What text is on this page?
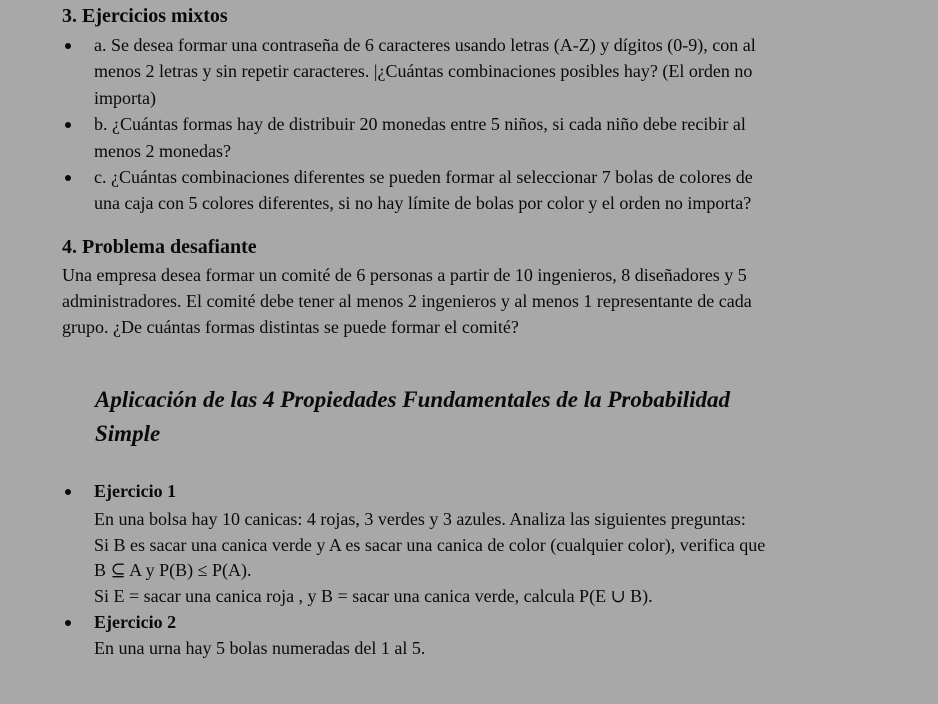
3. Ejercicios mixtos
a. Se desea formar una contraseña de 6 caracteres usando letras (A-Z) y dígitos (0-9), con al
menos 2 letras y sin repetir caracteres. |¿Cuántas combinaciones posibles hay? (El orden no
importa)
b. ¿Cuántas formas hay de distribuir 20 monedas entre 5 niños, si cada niño debe recibir al
menos 2 monedas?
c. ¿Cuántas combinaciones diferentes se pueden formar al seleccionar 7 bolas de colores de
una caja con 5 colores diferentes, si no hay límite de bolas por color y el orden no importa?
4. Problema desafiante
Una empresa desea formar un comité de 6 personas a partir de 10 ingenieros, 8 diseñadores y 5
administradores. El comité debe tener al menos 2 ingenieros y al menos 1 representante de cada
grupo. ¿De cuántas formas distintas se puede formar el comité?
Aplicación de las 4 Propiedades Fundamentales de la Probabilidad
Simple
Ejercicio 1
En una bolsa hay 10 canicas: 4 rojas, 3 verdes y 3 azules. Analiza las siguientes preguntas:
Si B es sacar una canica verde y A es sacar una canica de color (cualquier color), verifica que
B ⊆ A y P(B) ≤ P(A).
Si E = sacar una canica roja , y B = sacar una canica verde, calcula P(E ∪ B).
Ejercicio 2
En una urna hay 5 bolas numeradas del 1 al 5.
